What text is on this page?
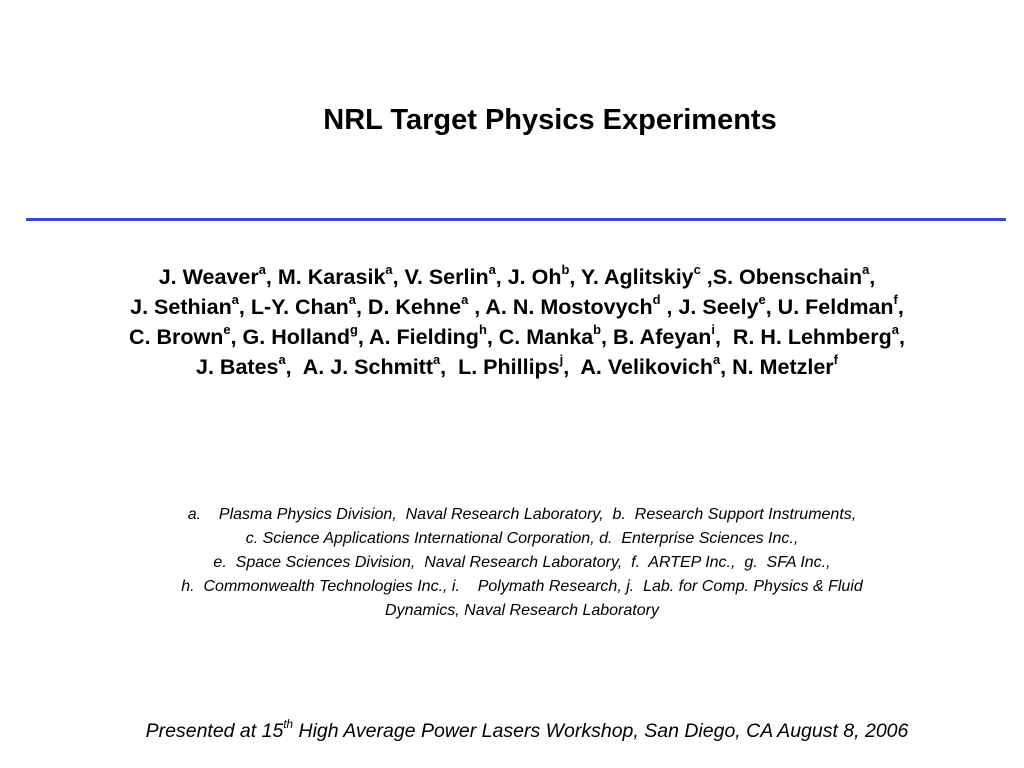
NRL Target Physics Experiments
J. Weaver$^a$, M. Karasik$^a$, V. Serlin$^a$, J. Oh$^b$, Y. Aglitskiy$^c$ ,S. Obenschain$^a$,
J. Sethian$^a$, L-Y. Chan$^a$, D. Kehne$^a$ , A. N. Mostovych$^d$ , J. Seely$^e$, U. Feldman$^f$,
C. Brown$^e$, G. Holland$^g$, A. Fielding$^h$, C. Manka$^b$, B. Afeyan$^i$,  R. H. Lehmberg$^a$,
J. Bates$^a$,  A. J. Schmitt$^a$,  L. Phillips$^j$,  A. Velikovich$^a$, N. Metzler$^f$
a.    Plasma Physics Division,  Naval Research Laboratory,  b.  Research Support Instruments,
c. Science Applications International Corporation, d.  Enterprise Sciences Inc.,
e.  Space Sciences Division,  Naval Research Laboratory,  f.  ARTEP Inc.,  g.  SFA Inc.,
h.  Commonwealth Technologies Inc., i.    Polymath Research, j.  Lab. for Comp. Physics & Fluid
Dynamics, Naval Research Laboratory
Presented at 15th High Average Power Lasers Workshop, San Diego, CA August 8, 2006
